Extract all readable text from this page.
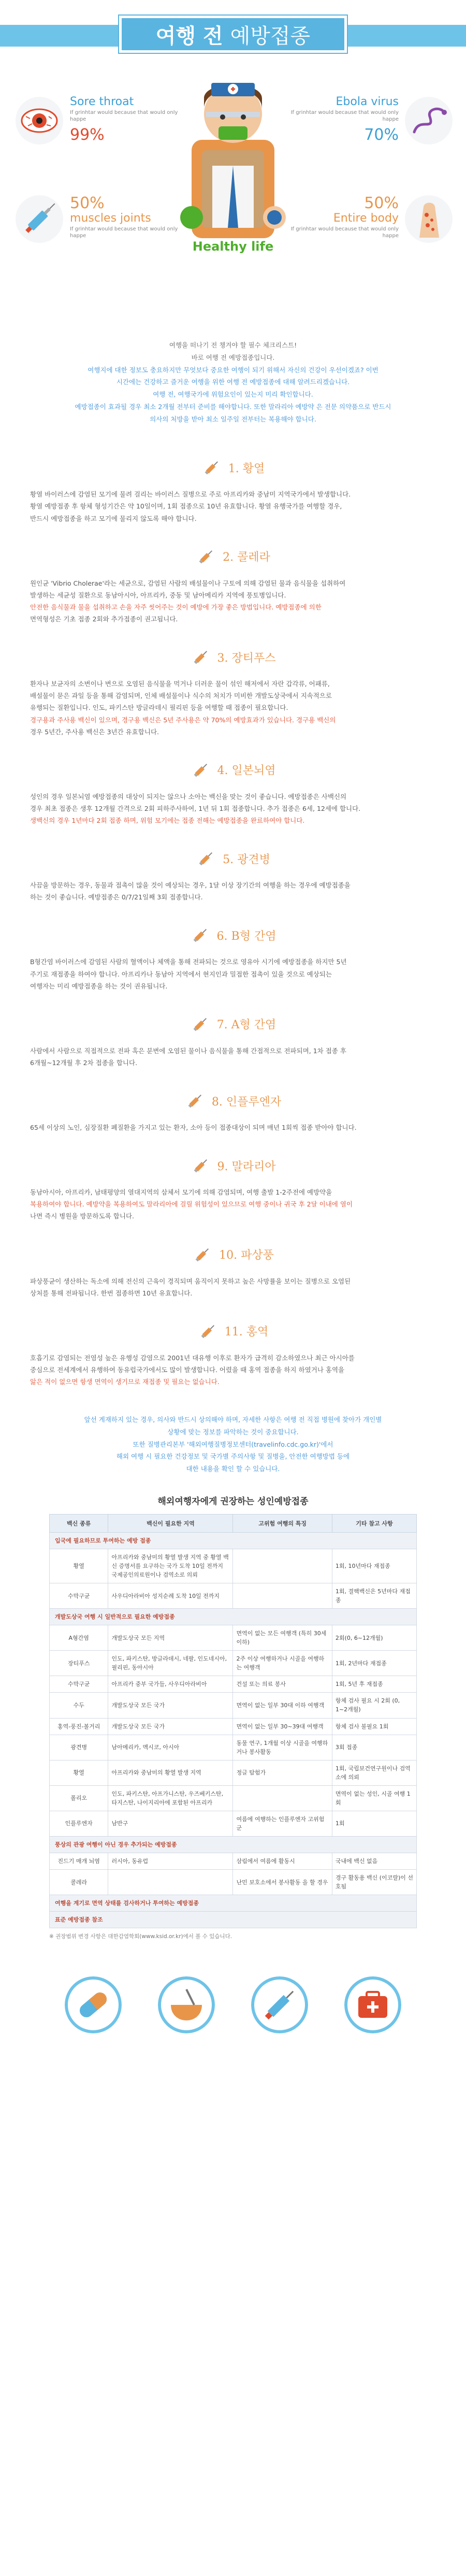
여행 전 예방접종
Sore throat
If grinhtar would because that would only happe
99%
Ebola virus
If grinhtar would because that would only happe
70%
50%
muscles joints
If grinhtar would because that would only happe
50%
Entire body
If grinhtar would because that would only happe
Healthy life

여행을 떠나기 전 챙겨야 할 필수 체크리스트!

바로 여행 전 예방접종입니다.

여행지에 대한 정보도 충요하지만 무엇보다 중요한 여행이 되기 위해서 자신의 건강이 우선이겠죠? 이번

시간에는 건강하고 즐거운 여행을 위한 여행 전 예방접종에 대해 알려드리겠습니다.

여행 전, 여행국가에 위험요인이 있는지 미리 확인합니다.

예방접종이 효과될 경우 최소 2개월 전부터 준비를 해야합니다. 또한 말라리아 예방약 은 전문 의약품으로 반드시

의사의 처방을 받아 최소 일주일 전부터는 복용해야 합니다.

1. 황열

황열 바이러스에 감염된 모기에 물려 걸리는 바이러스 질병으로 주로 아프리카와 중남미 지역국가에서 발생합니다.

황열 예방접종 후 항체 형성기간은 약 10일이며, 1회 접종으로 10년 유효합니다. 황열 유행국가를 여행할 경우,

반드시 예방접종을 하고 모기에 물리지 않도록 해야 합니다.

2. 콜레라

원인균 'Vibrio Cholerae'라는 세균으로, 감염된 사람의 배설물이나 구토에 의해 감염된 물과 음식물을 섭취하여

발생하는 세균성 질환으로 동남아시아, 아프리카, 중동 및 남아메리카 지역에 풍토병입니다.

안전한 음식물과 물을 섭취하고 손을 자주 씻어주는 것이 예방에 가장 좋은 방법입니다. 예방접종에 의한

면역형성은 기초 접종 2회와 추가접종이 권고됩니다.

3. 장티푸스

환자나 보균자의 소변이나 변으로 오염된 음식물을 먹거나 더러운 물이 섞인 해저에서 자란 갑각류, 어패류,

배설물이 묻은 과일 등을 통해 감염되며, 인체 배설물이나 식수의 처치가 미비한 개발도상국에서 지속적으로

유행되는 질환입니다. 인도, 파키스탄 방글라데시 필리핀 등을 여행할 때 접종이 필요합니다.

경구용과 주사용 백신이 있으며, 경구용 백신은 5년 주사용은 약 70%의 예방효과가 있습니다. 경구용 백신의

경우 5년간, 주사용 백신은 3년간 유효합니다.

4. 일본뇌염

성인의 경우 일본뇌염 예방접종의 대상이 되지는 않으나 소아는 백신을 맞는 것이 좋습니다. 예방접종은 사백신의

경우 최초 접종은 생후 12개월 간격으로 2회 피하주사하여, 1년 뒤 1회 접종합니다. 추가 접종은 6세, 12세에 합니다.

생백신의 경우 1년마다 2회 접종 하며, 위험 모기에는 접종 전해는 예방접종을 완료하여야 합니다.

5. 광견병

사끔을 방문하는 경우, 동물과 접촉이 많을 것이 예상되는 경우, 1달 이상 장기간의 여행을 하는 경우에 예방접종을

하는 것이 좋습니다. 예방접종은 0/7/21일째 3회 접종합니다.

6. B형 간염

B형간염 바이러스에 감염된 사람의 혈액이나 체액을 통해 전파되는 것으로 영유아 시기에 예방접종을 하지만 5년

주기로 재접종을 하여야 합니다. 아프리카나 동남아 지역에서 현지인과 밀접한 접촉이 있을 것으로 예상되는

여행자는 미리 예방접종을 하는 것이 권유됩니다.

7. A형 간염

사람에서 사람으로 직접적으로 전파 혹은 분변에 오염된 물이나 음식물을 통해 간접적으로 전파되며, 1차 접종 후

6개월~12개월 후 2차 접종을 합니다.

8. 인플루엔자

65세 이상의 노인, 심장질환 폐질환을 가지고 있는 환자, 소아 등이 접종대상이 되며 매년 1회씩 접종 받아야 합니다.

9. 말라리아

동남아시아, 아프리카, 남태평양의 열대지역의 삼체서 모기에 의해 감염되며, 여행 출발 1-2주전에 예방약을

복용하여야 합니다. 예방약을 복용하여도 말라리아에 걸릴 위험성이 있으므로 여행 중이나 귀국 후 2달 이내에 열이

나면 즉시 병원을 방문하도록 합니다.

10. 파상풍

파상풍균이 생산하는 독소에 의해 전신의 근육이 경직되며 움직이지 못하고 높은 사망률을 보이는 질병으로 오염된

상처를 통해 전파됩니다. 한번 접종하면 10년 유효합니다.

11. 홍역

호흡기로 감염되는 전염성 높은 유행성 감염으로 2001년 대유행 이후로 환자가 급격히 감소하였으나 최근 아시아를

중심으로 전세계에서 유행하여 동유럽국가에서도 많이 발생합니다. 어렸을 때 홍역 접종을 하지 하였거나 홍역을

앓은 적이 없으면 항생 면역이 생기므로 재접종 및 필요는 없습니다.

앞선 게재하지 있는 경우, 의사와 반드시 상의해야 하며, 자세한 사항은 여행 전 직접 병원에 찾아가 개인별

상황에 맞는 정보를 파악하는 것이 중요합니다.

또한 질병관리본부 '해외여행질병정보센터(travelinfo.cdc.go.kr)'에서

해외 여행 시 필요한 건강정보 및 국가별 주의사항 및 질병을, 안전한 여행방법 등에

대한 내용을 확인 할 수 있습니다.

해외여행자에게 권장하는 성인예방접종
백신 종류	백신이 필요한 지역	고위험 여행의 특징	기타 참고 사항
입국에 필요하므로 투여하는 예방 접종			
황열	아프리카와 중남미의 황열 발생 지역 중 황열 백신 증명서를 요구하는 국가 도착 10일 전까지 국제공인의료원이나 검역소로 의뢰		1회, 10년마다 재접종
수막구균	사우디아라비아 성지순례 도착 10일 전까지		1회, 결핵백신은 5년마다 재접종
개발도상국 여행 시 일반적으로 필요한 예방접종			
A형간염	개발도상국 모든 지역	면역이 없는 모든 여행객 (특히 30세 이하)	2회(0, 6~12개월)
장티푸스	인도, 파키스탄, 방글라데시, 네팔, 인도네시아, 필리핀, 동아시아	2주 이상 여행하거나 시골을 여행하는 여행객	1회, 2년마다 재접종
수막구균	아프리카 중부 국가들, 사우디아라비아	건설 또는 의료 봉사	1회, 5년 후 재접종
수두	개발도상국 모든 국가	면역이 없는 일부 30대 이하 여행객	항체 검사 필요 시 2회 (0, 1~2개월)
홍역-풍진-볼거리	개발도상국 모든 국가	면역이 없는 일부 30~39대 여행객	항체 검사 불필요 1회
광견병	남아메리카, 멕시코, 아시아	동물 연구, 1개월 이상 시골을 여행하거나 봉사활동	3회 접종
황열	아프리카와 중남미의 황열 발생 지역	정글 탐험가	1회, 국립보건연구원이나 검역소에 의뢰
폴리오	인도, 파키스탄, 아프가니스탄, 우즈베키스탄, 타지스탄, 나이지리아에 포함된 아프리카		면역이 없는 성인, 시골 여행 1회
인플루엔자	남반구	여름에 여행하는 인플루엔자 고위험군	1회
풍상의 관광 여행이 아닌 경우 추가되는 예방접종			
진드기 매개 뇌염	러시아, 동유럽	삼림에서 여름에 활동시	국내에 백신 없음
콜레라		난민 보호소에서 봉사활동 을 할 경우	경구 활동용 백신 (이코랄)이 선호됨
여행을 계기로 면역 상태를 검사하거나 투여하는 예방접종			
표준 예방접종 참조			
※ 권장범위 변경 사항은 대한감염학회(www.ksid.or.kr)에서 볼 수 있습니다.
